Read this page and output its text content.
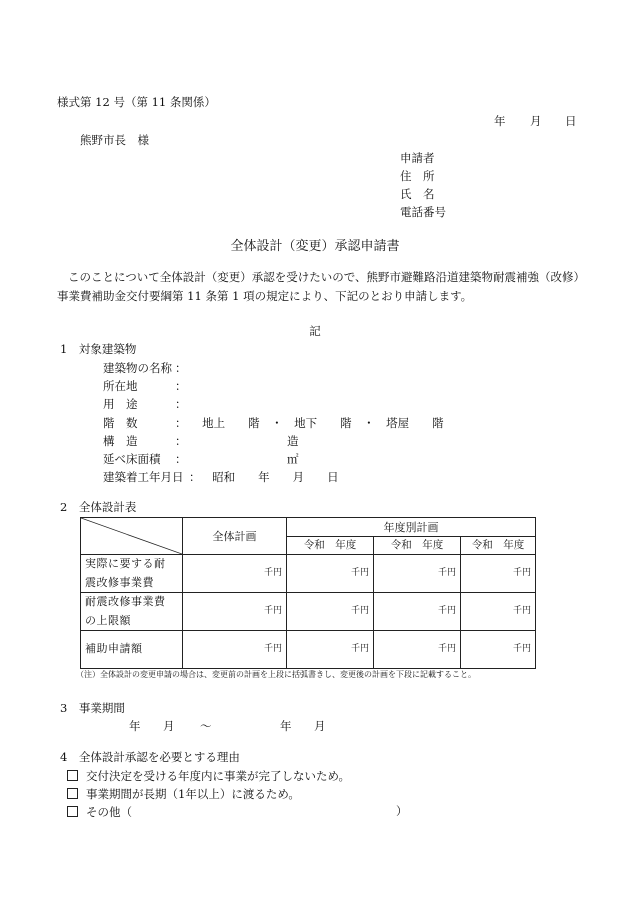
様式第 12 号（第 11 条関係）
年 月 日
熊野市長　様
申請者
住　所
氏　名
電話番号
全体設計（変更）承認申請書
このことについて全体設計（変更）承認を受けたいので、熊野市避難路沿道建築物耐震補強（改修）
事業費補助金交付要綱第 11 条第 1 項の規定により、下記のとおり申請します。
記
1　対象建築物
建築物の名称 ：
所在地	：
用　途	：
階　数	： 地上　　階　・　地下　　階　・　塔屋　　階
構　造	：	造
延べ床面積 ：	㎡
建築着工年月日 ： 昭和　　年　　月　　日
2　全体設計表
	全体計画	年度別計画		
		令和　年度	令和　年度	令和　年度
実際に要する耐
震改修事業費	千円	千円	千円	千円
耐震改修事業費
の上限額	千円	千円	千円	千円
補助申請額	千円	千円	千円	千円
（注）全体設計の変更申請の場合は、変更前の計画を上段に括弧書きし、変更後の計画を下段に記載すること。
3　事業期間
年 月 ～	年 月
4　全体設計承認を必要とする理由
交付決定を受ける年度内に事業が完了しないため。
事業期間が長期（1年以上）に渡るため。
その他（	）
